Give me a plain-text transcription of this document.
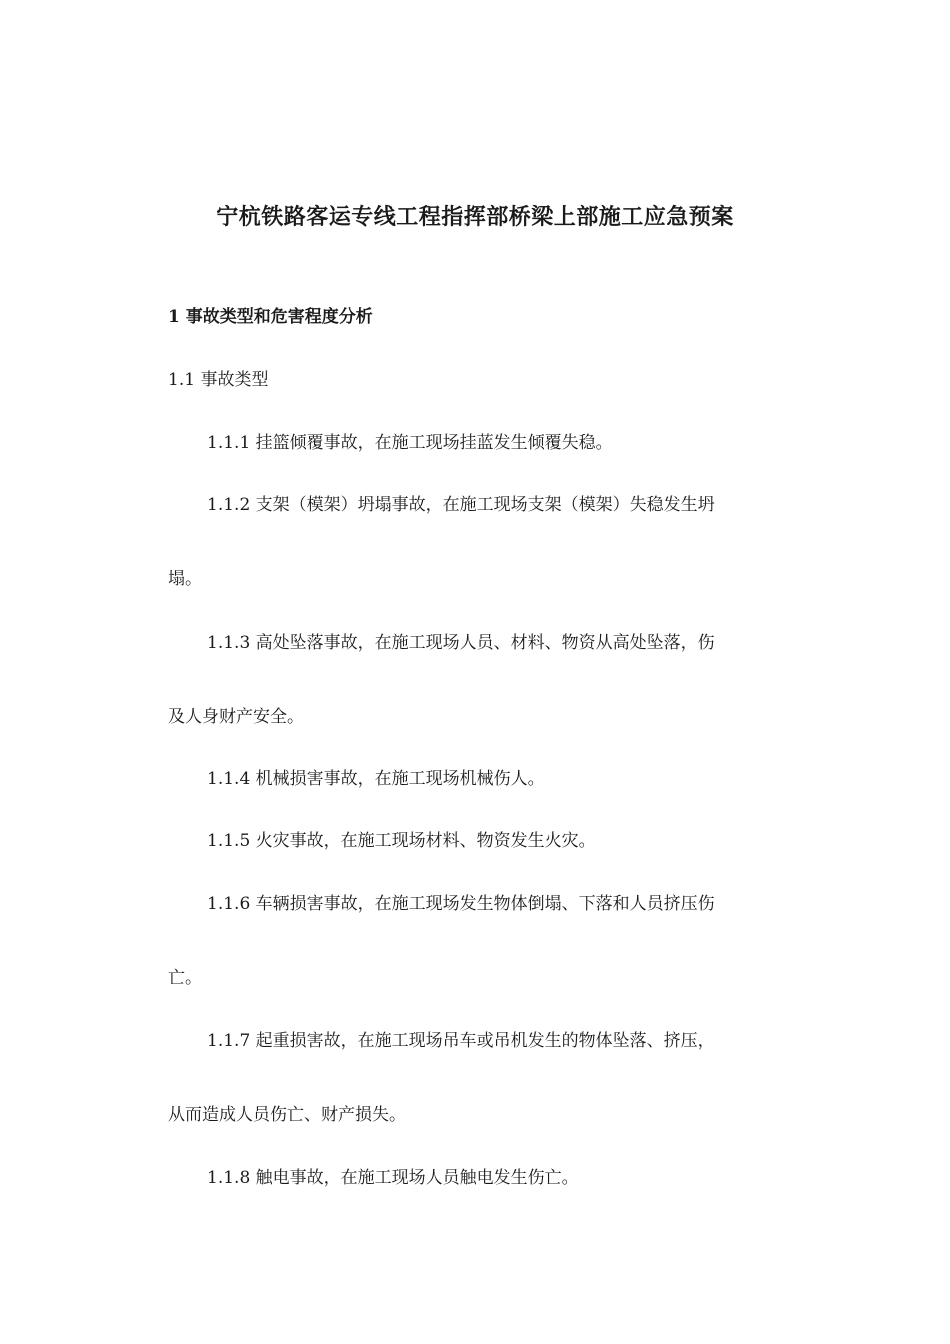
宁杭铁路客运专线工程指挥部桥梁上部施工应急预案
1 事故类型和危害程度分析
1.1 事故类型
1.1.1 挂篮倾覆事故，在施工现场挂蓝发生倾覆失稳。
1.1.2 支架（模架）坍塌事故，在施工现场支架（模架）失稳发生坍
塌。
1.1.3 高处坠落事故，在施工现场人员、材料、物资从高处坠落，伤
及人身财产安全。
1.1.4 机械损害事故，在施工现场机械伤人。
1.1.5 火灾事故，在施工现场材料、物资发生火灾。
1.1.6 车辆损害事故，在施工现场发生物体倒塌、下落和人员挤压伤
亡。
1.1.7 起重损害故，在施工现场吊车或吊机发生的物体坠落、挤压，
从而造成人员伤亡、财产损失。
1.1.8 触电事故，在施工现场人员触电发生伤亡。
